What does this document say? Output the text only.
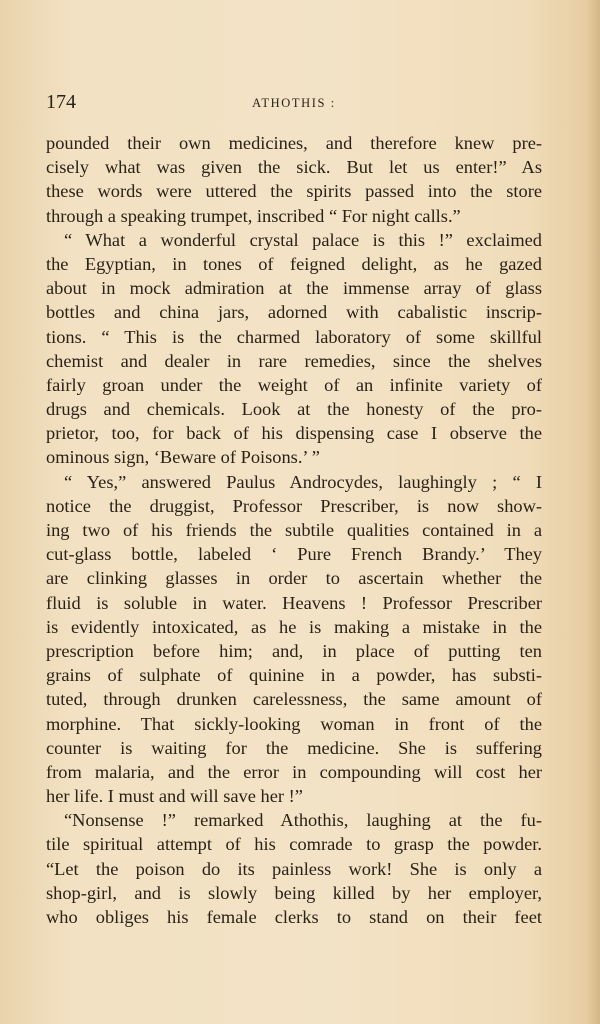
174	ATHOTHIS :
pounded their own medicines, and therefore knew pre-
cisely what was given the sick. But let us enter!” As
these words were uttered the spirits passed into the store
through a speaking trumpet, inscribed “ For night calls.”
“ What a wonderful crystal palace is this !” exclaimed
the Egyptian, in tones of feigned delight, as he gazed
about in mock admiration at the immense array of glass
bottles and china jars, adorned with cabalistic inscrip-
tions. “ This is the charmed laboratory of some skillful
chemist and dealer in rare remedies, since the shelves
fairly groan under the weight of an infinite variety of
drugs and chemicals. Look at the honesty of the pro-
prietor, too, for back of his dispensing case I observe the
ominous sign, ‘Beware of Poisons.’ ”
“ Yes,” answered Paulus Androcydes, laughingly ; “ I
notice the druggist, Professor Prescriber, is now show-
ing two of his friends the subtile qualities contained in a
cut-glass bottle, labeled ‘ Pure French Brandy.’ They
are clinking glasses in order to ascertain whether the
fluid is soluble in water. Heavens ! Professor Prescriber
is evidently intoxicated, as he is making a mistake in the
prescription before him; and, in place of putting ten
grains of sulphate of quinine in a powder, has substi-
tuted, through drunken carelessness, the same amount of
morphine. That sickly-looking woman in front of the
counter is waiting for the medicine. She is suffering
from malaria, and the error in compounding will cost her
her life. I must and will save her !”
“Nonsense !” remarked Athothis, laughing at the fu-
tile spiritual attempt of his comrade to grasp the powder.
“Let the poison do its painless work! She is only a
shop-girl, and is slowly being killed by her employer,
who obliges his female clerks to stand on their feet
